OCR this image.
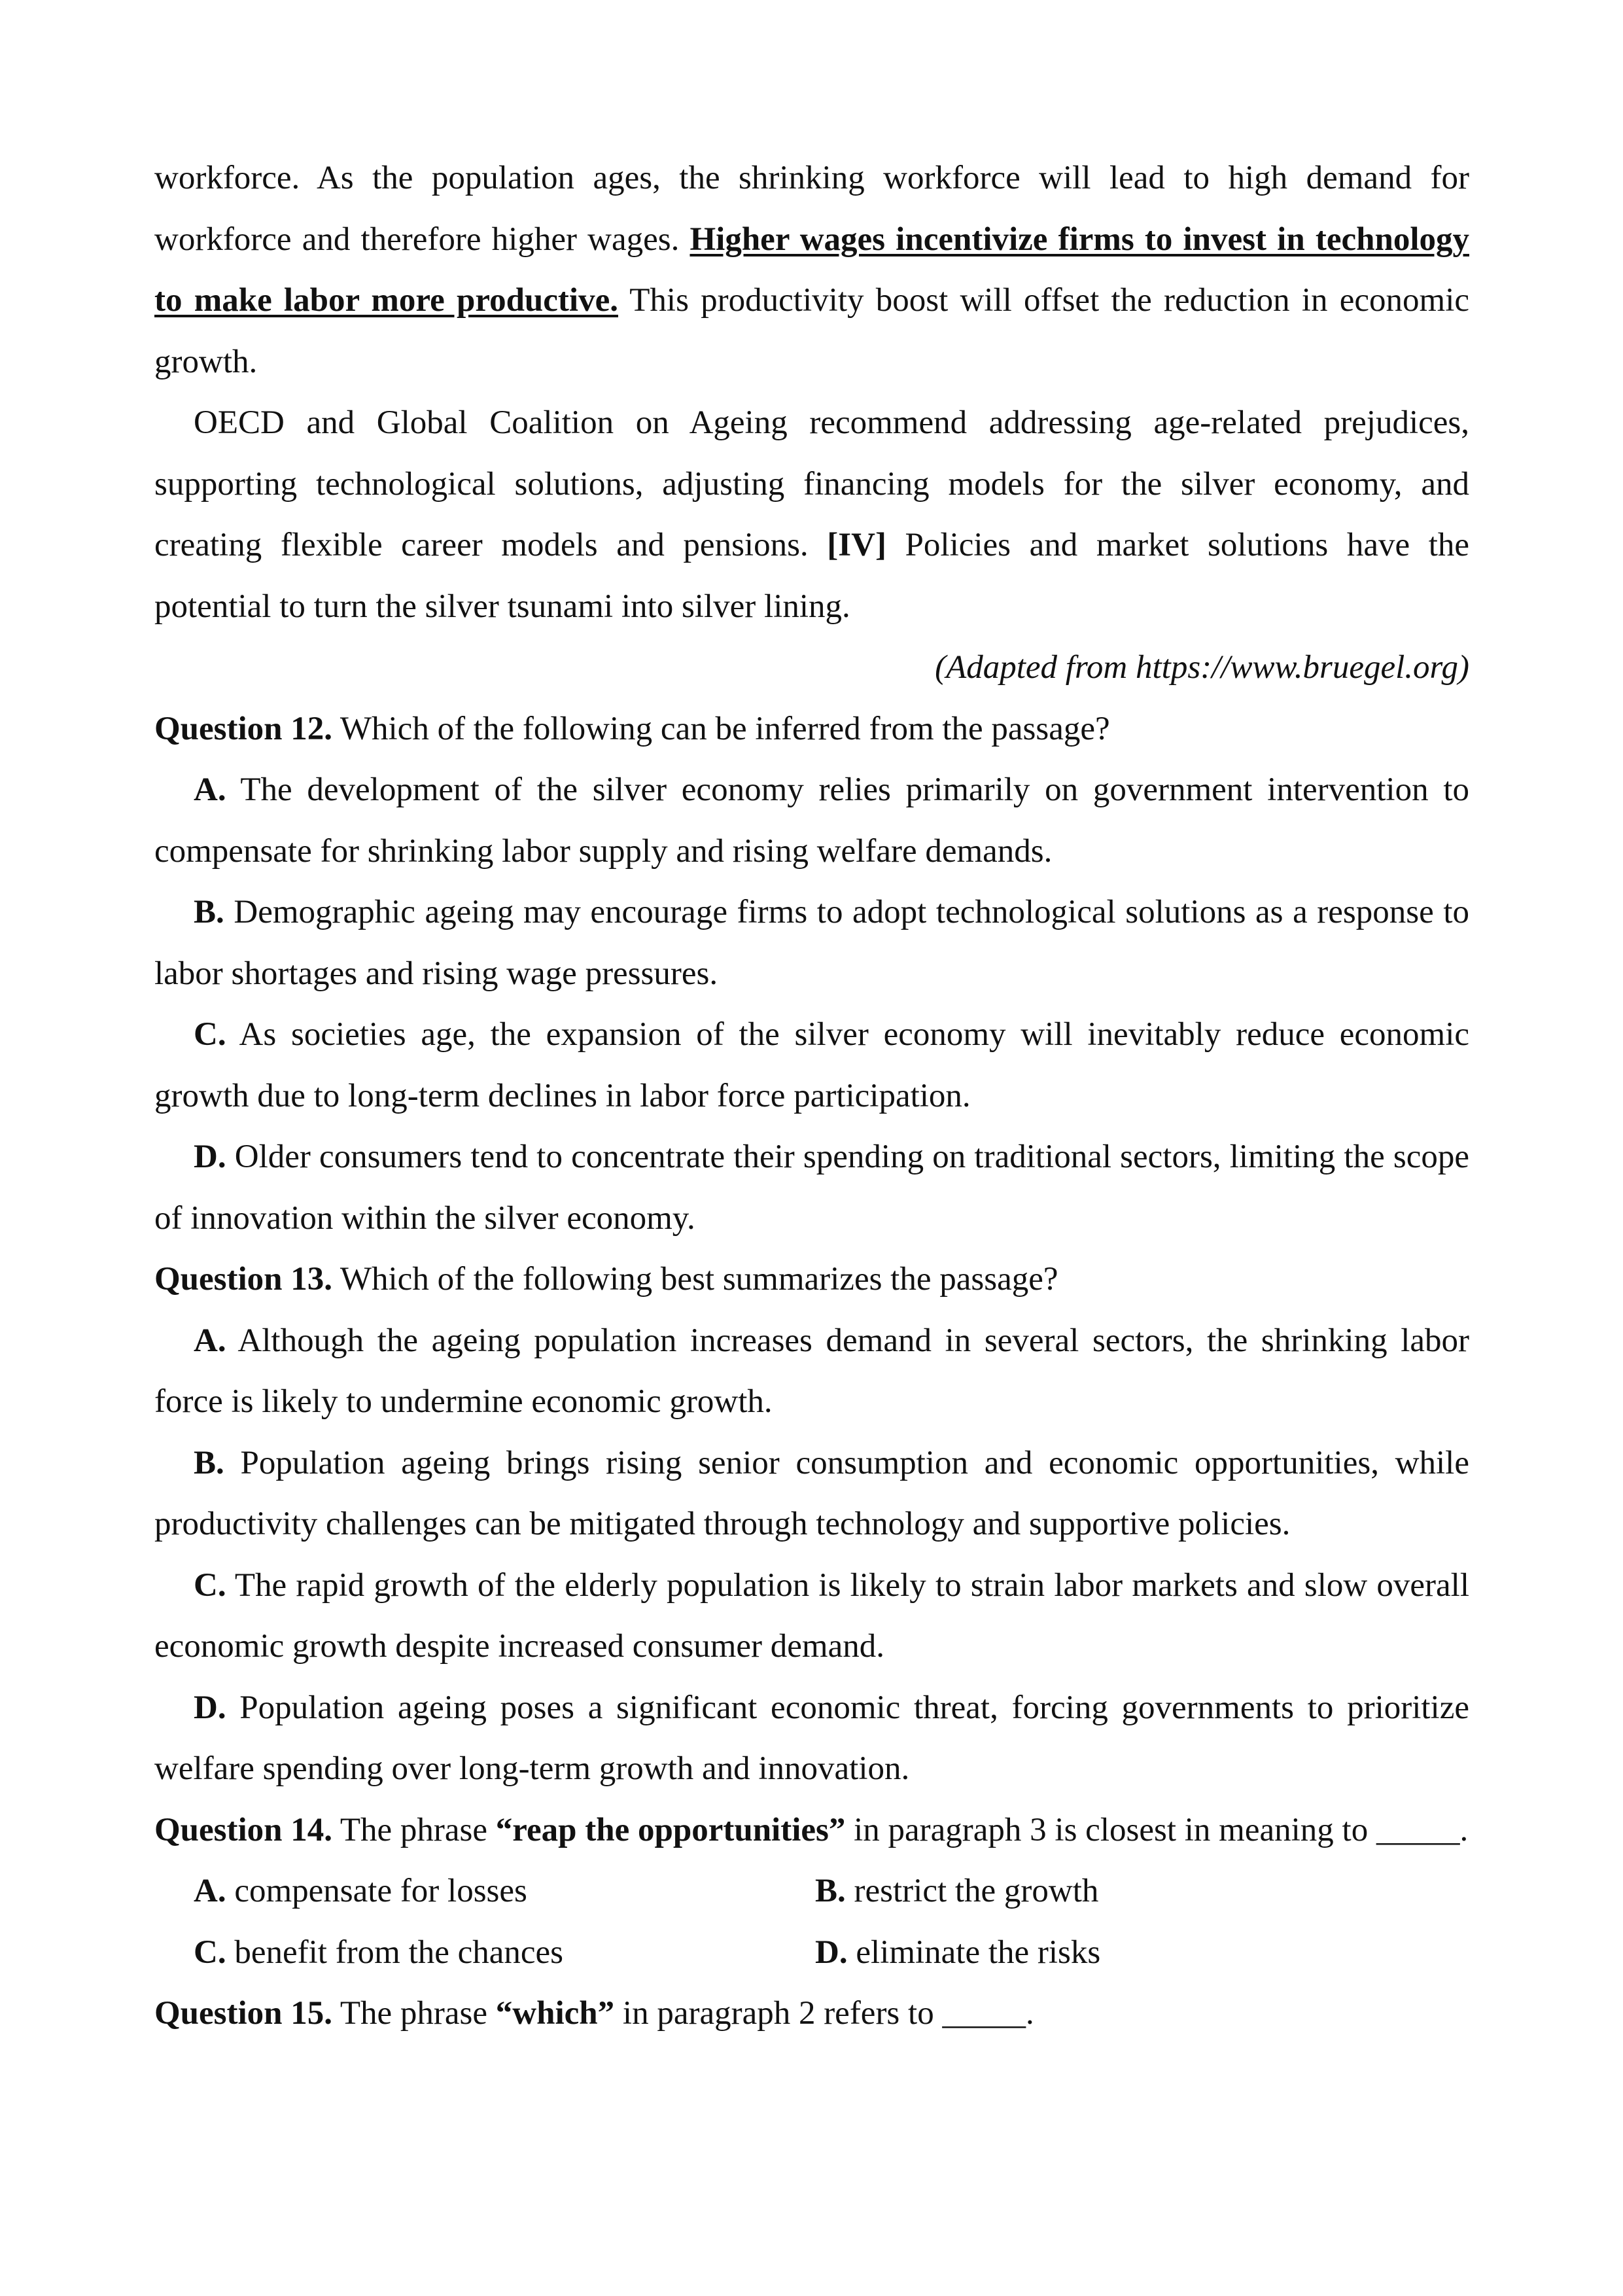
workforce. As the population ages, the shrinking workforce will lead to high demand for workforce and therefore higher wages. Higher wages incentivize firms to invest in technology to make labor more productive. This productivity boost will offset the reduction in economic growth.

OECD and Global Coalition on Ageing recommend addressing age-related prejudices, supporting technological solutions, adjusting financing models for the silver economy, and creating flexible career models and pensions. [IV] Policies and market solutions have the potential to turn the silver tsunami into silver lining.

(Adapted from https://www.bruegel.org)

Question 12. Which of the following can be inferred from the passage?

A. The development of the silver economy relies primarily on government intervention to compensate for shrinking labor supply and rising welfare demands.

B. Demographic ageing may encourage firms to adopt technological solutions as a response to labor shortages and rising wage pressures.

C. As societies age, the expansion of the silver economy will inevitably reduce economic growth due to long-term declines in labor force participation.

D. Older consumers tend to concentrate their spending on traditional sectors, limiting the scope of innovation within the silver economy.

Question 13. Which of the following best summarizes the passage?

A. Although the ageing population increases demand in several sectors, the shrinking labor force is likely to undermine economic growth.

B. Population ageing brings rising senior consumption and economic opportunities, while productivity challenges can be mitigated through technology and supportive policies.

C. The rapid growth of the elderly population is likely to strain labor markets and slow overall economic growth despite increased consumer demand.

D. Population ageing poses a significant economic threat, forcing governments to prioritize welfare spending over long-term growth and innovation.

Question 14. The phrase “reap the opportunities” in paragraph 3 is closest in meaning to _____.

A. compensate for losses	B. restrict the growth
C. benefit from the chances	D. eliminate the risks

Question 15. The phrase “which” in paragraph 2 refers to _____.
